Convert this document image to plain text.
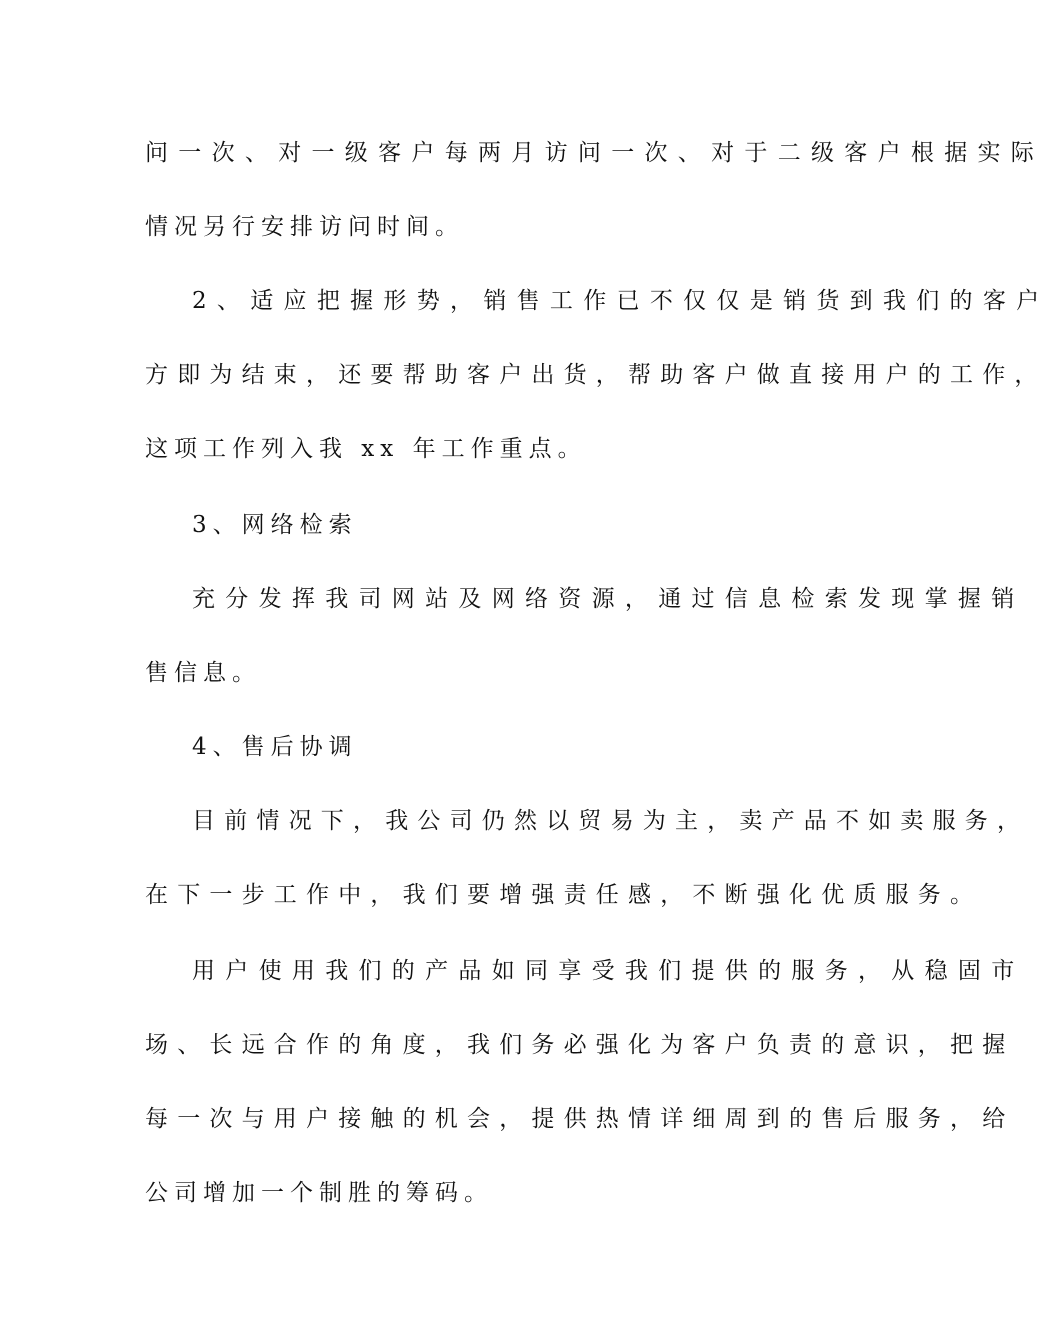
问一次、对一级客户每两月访问一次、对于二级客户根据实际
情况另行安排访问时间。
2、适应把握形势，销售工作已不仅仅是销货到我们的客户
方即为结束，还要帮助客户出货，帮助客户做直接用户的工作，
这项工作列入我 xx 年工作重点。
3、网络检索
充分发挥我司网站及网络资源，通过信息检索发现掌握销
售信息。
4、售后协调
目前情况下，我公司仍然以贸易为主，卖产品不如卖服务，
在下一步工作中，我们要增强责任感，不断强化优质服务。
用户使用我们的产品如同享受我们提供的服务，从稳固市
场、长远合作的角度，我们务必强化为客户负责的意识，把握
每一次与用户接触的机会，提供热情详细周到的售后服务，给
公司增加一个制胜的筹码。
